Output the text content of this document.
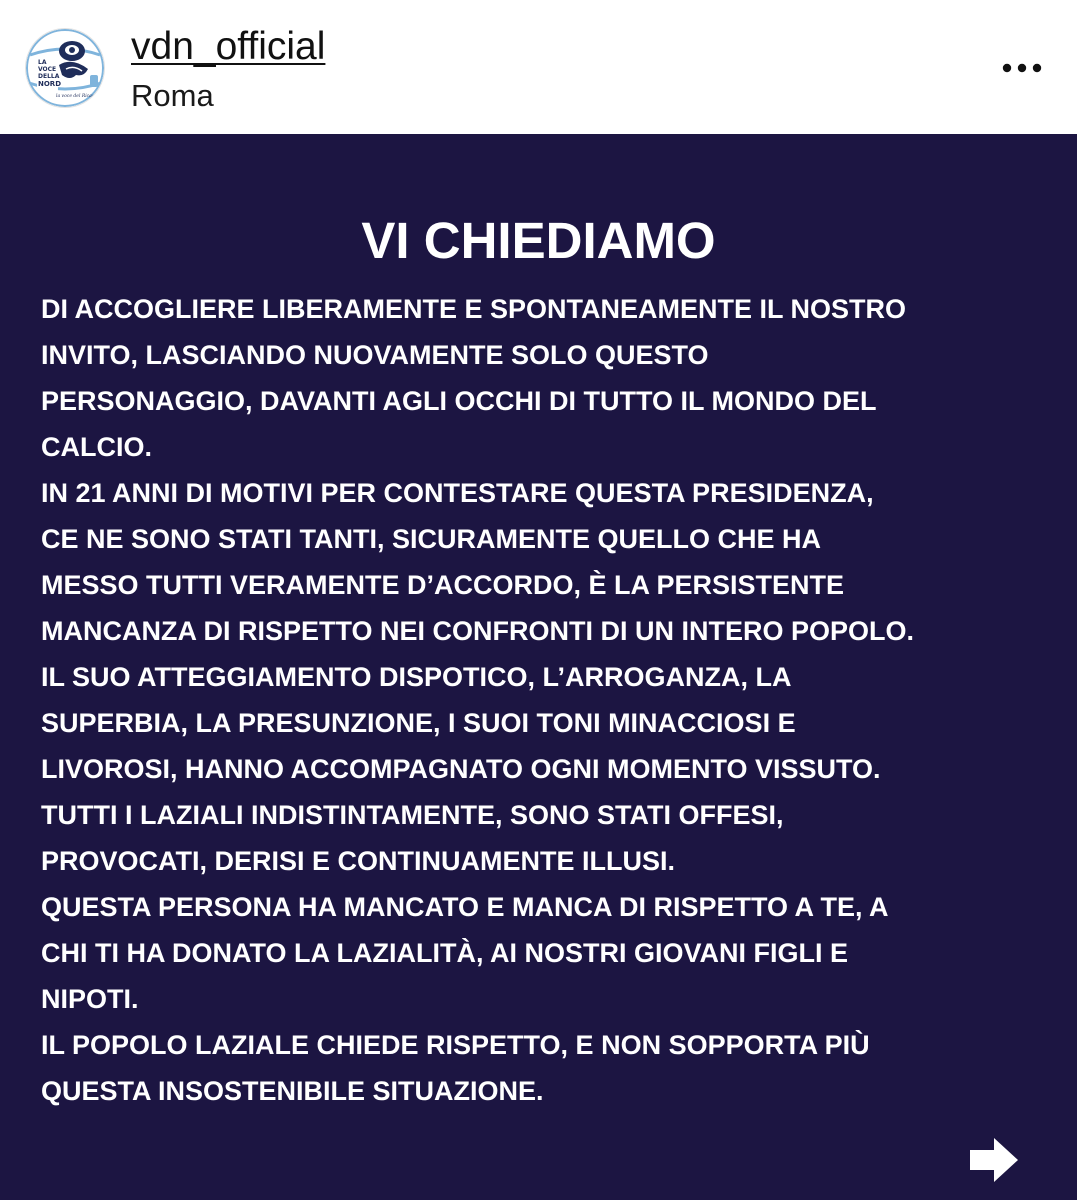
LA
VOCE
DELLA
NORD
la voce del Ricasoli
vdn_official
Roma
VI CHIEDIAMO
DI ACCOGLIERE LIBERAMENTE E SPONTANEAMENTE IL NOSTRO
INVITO, LASCIANDO NUOVAMENTE SOLO QUESTO
PERSONAGGIO, DAVANTI AGLI OCCHI DI TUTTO IL MONDO DEL
CALCIO.
IN 21 ANNI DI MOTIVI PER CONTESTARE QUESTA PRESIDENZA,
CE NE SONO STATI TANTI, SICURAMENTE QUELLO CHE HA
MESSO TUTTI VERAMENTE D’ACCORDO, È LA PERSISTENTE
MANCANZA DI RISPETTO NEI CONFRONTI DI UN INTERO POPOLO.
IL SUO ATTEGGIAMENTO DISPOTICO, L’ARROGANZA, LA
SUPERBIA, LA PRESUNZIONE, I SUOI TONI MINACCIOSI E
LIVOROSI, HANNO ACCOMPAGNATO OGNI MOMENTO VISSUTO.
TUTTI I LAZIALI INDISTINTAMENTE, SONO STATI OFFESI,
PROVOCATI, DERISI E CONTINUAMENTE ILLUSI.
QUESTA PERSONA HA MANCATO E MANCA DI RISPETTO A TE, A
CHI TI HA DONATO LA LAZIALITÀ, AI NOSTRI GIOVANI FIGLI E
NIPOTI.
IL POPOLO LAZIALE CHIEDE RISPETTO, E NON SOPPORTA PIÙ
QUESTA INSOSTENIBILE SITUAZIONE.
